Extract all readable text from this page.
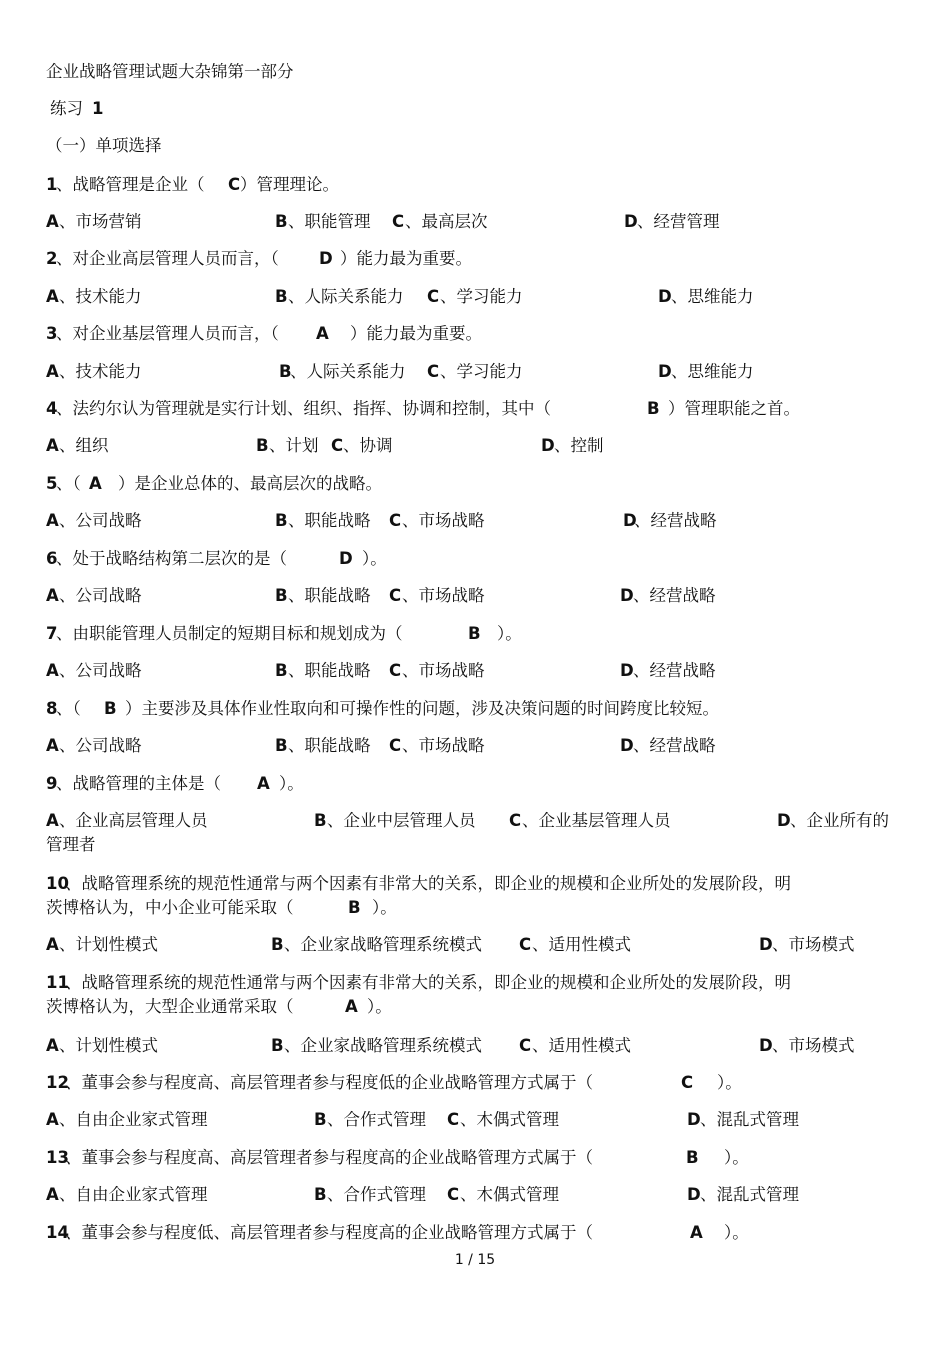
企业战略管理试题大杂锦第一部分
练习 1
（一）单项选择
1
、战略管理是企业（ C ）管理理论。
A 、市场营销	B 、职能管理 C 、最高层次	D 、经营管理
2
、对企业高层管理人员而言，（ D ）能力最为重要。
A 、技术能力	B 、人际关系能力 C 、学习能力	D 、思维能力
3
、对企业基层管理人员而言，（ A ）能力最为重要。
A 、技术能力	B
、人际关系能力 C 、学习能力	D 、思维能力
4
、法约尔认为管理就是实行计划、组织、指挥、协调和控制，其中（	B ）管理职能之首。
A 、组织	B 、计划 C 、协调	D 、控制
5
、（ A ）是企业总体的、最高层次的战略。
A 、公司战略	B 、职能战略 C 、市场战略	D
、经营战略
6
、处于战略结构第二层次的是（	D ）。
A 、公司战略	B 、职能战略 C 、市场战略	D 、经营战略
7
、由职能管理人员制定的短期目标和规划成为（	B ）。
A 、公司战略	B 、职能战略 C 、市场战略	D 、经营战略
8
、（ B ）主要涉及具体作业性取向和可操作性的问题，涉及决策问题的时间跨度比较短。
A 、公司战略	B 、职能战略 C 、市场战略	D 、经营战略
9
、战略管理的主体是（ A ）。
A 、企业高层管理人员	B 、企业中层管理人员 C 、企业基层管理人员	D 、企业所有的
管理者
10
、战略管理系统的规范性通常与两个因素有非常大的关系，即企业的规模和企业所处的发展阶段，明
茨博格认为，中小企业可能采取（	B ）。
A 、计划性模式	B 、企业家战略管理系统模式 C 、适用性模式	D 、市场模式
11
、战略管理系统的规范性通常与两个因素有非常大的关系，即企业的规模和企业所处的发展阶段，明
茨博格认为，大型企业通常采取（	A ）。
A 、计划性模式	B 、企业家战略管理系统模式 C 、适用性模式	D 、市场模式
12
、董事会参与程度高、高层管理者参与程度低的企业战略管理方式属于（	C ）。
A 、自由企业家式管理	B 、合作式管理 C 、木偶式管理	D 、混乱式管理
13
、董事会参与程度高、高层管理者参与程度高的企业战略管理方式属于（	B ）。
A 、自由企业家式管理	B 、合作式管理 C 、木偶式管理	D 、混乱式管理
14
、董事会参与程度低、高层管理者参与程度高的企业战略管理方式属于（	A ）。
1 / 15
